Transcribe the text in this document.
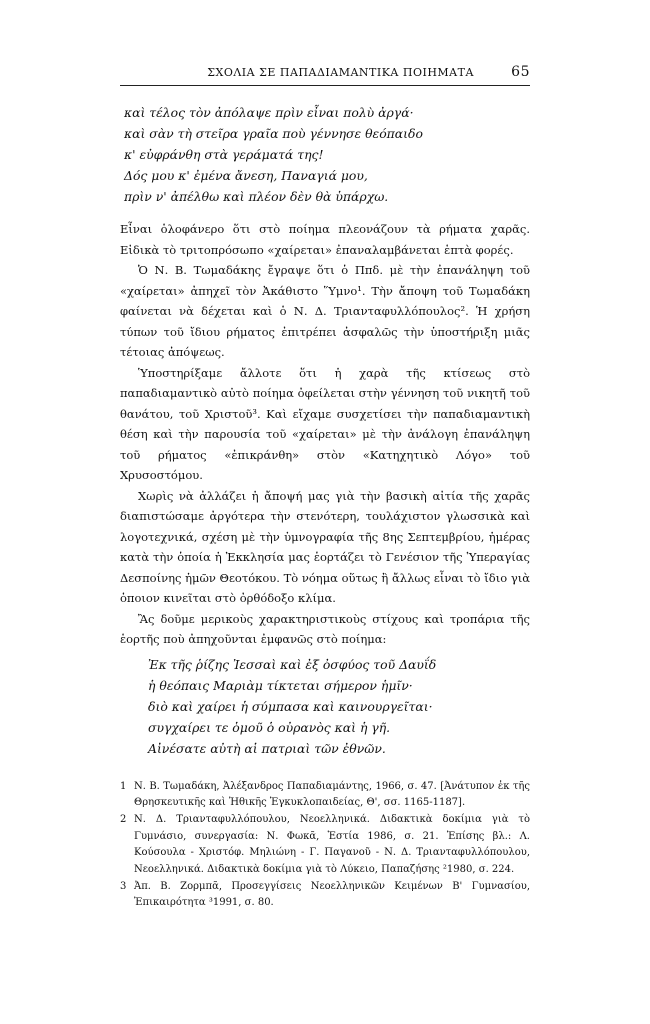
ΣΧΟΛΙΑ ΣΕ ΠΑΠΑΔΙΑΜΑΝΤΙΚΑ ΠΟΙΗΜΑΤΑ	65
καὶ τέλος τὸν ἀπόλαψε πρὶν εἶναι πολὺ ἀργά·
καὶ σὰν τὴ στεῖρα γραῖα ποὺ γέννησε θεόπαιδο
κ' εὐφράνθη στὰ γεράματά της!
Δός μου κ' ἐμένα ἄνεση, Παναγιά μου,
πρὶν ν' ἀπέλθω καὶ πλέον δὲν θὰ ὑπάρχω.

Εἶναι ὁλοφάνερο ὅτι στὸ ποίημα πλεονάζουν τὰ ρήματα χαρᾶς. Εἰδικὰ τὸ τριτοπρόσωπο «χαίρεται» ἐπαναλαμβάνεται ἑπτὰ φορές.

Ὁ Ν. Β. Τωμαδάκης ἔγραψε ὅτι ὁ Ππδ. μὲ τὴν ἐπανάληψη τοῦ «χαίρεται» ἀπηχεῖ τὸν Ἀκάθιστο Ὕμνο¹. Τὴν ἄποψη τοῦ Τωμαδάκη φαίνεται νὰ δέχεται καὶ ὁ Ν. Δ. Τριανταφυλλόπουλος². Ἡ χρήση τύπων τοῦ ἴδιου ρήματος ἐπιτρέπει ἀσφαλῶς τὴν ὑποστήριξη μιᾶς τέτοιας ἀπόψεως.

Ὑποστηρίξαμε ἄλλοτε ὅτι ἡ χαρὰ τῆς κτίσεως στὸ παπαδιαμαντικὸ αὐτὸ ποίημα ὀφείλεται στὴν γέννηση τοῦ νικητῆ τοῦ θανάτου, τοῦ Χριστοῦ³. Καὶ εἴχαμε συσχετίσει τὴν παπαδιαμαντικὴ θέση καὶ τὴν παρουσία τοῦ «χαίρεται» μὲ τὴν ἀνάλογη ἐπανάληψη τοῦ ρήματος «ἐπικράνθη» στὸν «Κατηχητικὸ Λόγο» τοῦ Χρυσοστόμου.

Χωρὶς νὰ ἀλλάζει ἡ ἄποψή μας γιὰ τὴν βασικὴ αἰτία τῆς χαρᾶς διαπιστώσαμε ἀργότερα τὴν στενότερη, τουλάχιστον γλωσσικὰ καὶ λογοτεχνικά, σχέση μὲ τὴν ὑμνογραφία τῆς 8ης Σεπτεμβρίου, ἡμέρας κατὰ τὴν ὁποία ἡ Ἐκκλησία μας ἑορτάζει τὸ Γενέσιον τῆς Ὑπεραγίας Δεσποίνης ἡμῶν Θεοτόκου. Τὸ νόημα οὕτως ἢ ἄλλως εἶναι τὸ ἴδιο γιὰ ὁποιον κινεῖται στὸ ὀρθόδοξο κλίμα.

Ἂς δοῦμε μερικοὺς χαρακτηριστικοὺς στίχους καὶ τροπάρια τῆς ἑορτῆς ποὺ ἀπηχοῦνται ἐμφανῶς στὸ ποίημα:

Ἐκ τῆς ῥίζης Ἰεσσαὶ καὶ ἐξ ὀσφύος τοῦ Δαυΐδ
ἡ θεόπαις Μαριὰμ τίκτεται σήμερον ἡμῖν·
διὸ καὶ χαίρει ἡ σύμπασα καὶ καινουργεῖται·
συγχαίρει τε ὁμοῦ ὁ οὐρανὸς καὶ ἡ γῆ.
Αἰνέσατε αὐτὴ αἱ πατριαὶ τῶν ἐθνῶν.
1 Ν. Β. Τωμαδάκη, Ἀλέξανδρος Παπαδιαμάντης, 1966, σ. 47. [Ἀνάτυπον ἐκ τῆς Θρησκευτικῆς καὶ Ἠθικῆς Ἐγκυκλοπαιδείας, Θ', σσ. 1165-1187].
2 Ν. Δ. Τριανταφυλλόπουλου, Νεοελληνικά. Διδακτικὰ δοκίμια γιὰ τὸ Γυμνάσιο, συνεργασία: Ν. Φωκᾶ, Ἑστία 1986, σ. 21. Ἐπίσης βλ.: Λ. Κούσουλα - Χριστόφ. Μηλιώνη - Γ. Παγανοῦ - Ν. Δ. Τριανταφυλλόπουλου, Νεοελληνικά. Διδακτικὰ δοκίμια γιὰ τὸ Λύκειο, Παπαζήσης ²1980, σ. 224.
3 Ἀπ. Β. Ζορμπᾶ, Προσεγγίσεις Νεοελληνικῶν Κειμένων Β' Γυμνασίου, Ἐπικαιρότητα ³1991, σ. 80.
